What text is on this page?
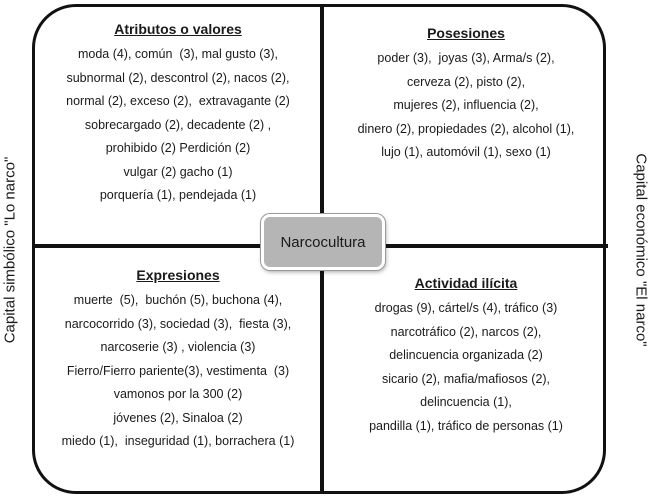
Capital simbólico "Lo narco"	Capital económico "El narco"
Atributos o valores
moda (4), común  (3), mal gusto (3),
subnormal (2), descontrol (2), nacos (2),
normal (2), exceso (2),  extravagante (2)
sobrecargado (2), decadente (2) ,
prohibido (2) Perdición (2)
vulgar (2) gacho (1)
porquería (1), pendejada (1)
Posesiones
poder (3),  joyas (3), Arma/s (2),
cerveza (2), pisto (2),
mujeres (2), influencia (2),
dinero (2), propiedades (2), alcohol (1),
lujo (1), automóvil (1), sexo (1)
Expresiones
muerte  (5),  buchón (5), buchona (4),
narcocorrido (3), sociedad (3),  fiesta (3),
narcoserie (3) , violencia (3)
Fierro/Fierro pariente(3), vestimenta  (3)
vamonos por la 300 (2)
jóvenes (2), Sinaloa (2)
miedo (1),  inseguridad (1), borrachera (1)
Actividad ilícita
drogas (9), cártel/s (4), tráfico (3)
narcotráfico (2), narcos (2),
delincuencia organizada (2)
sicario (2), mafia/mafiosos (2),
delincuencia (1),
pandilla (1), tráfico de personas (1)
Narcocultura
